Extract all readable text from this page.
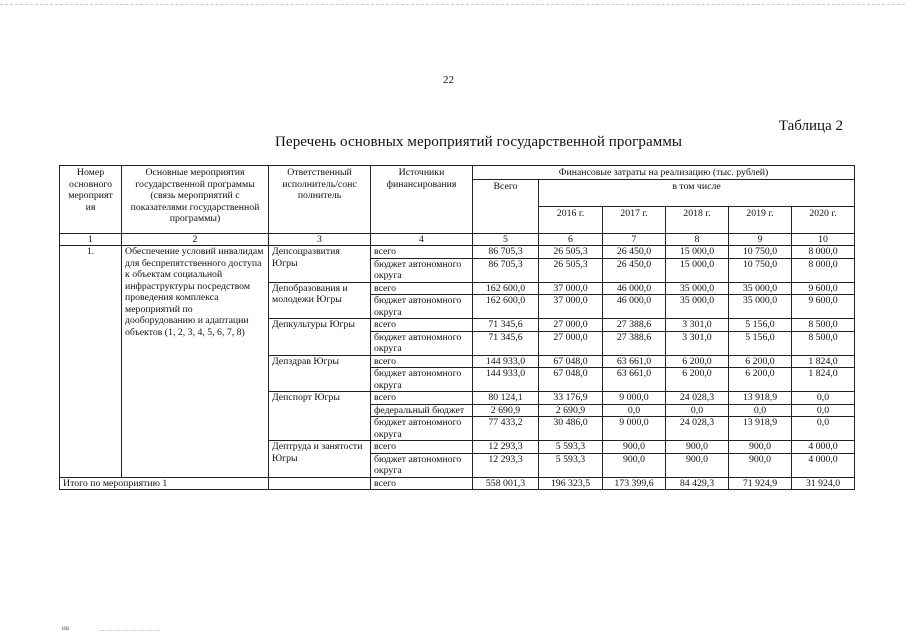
22
Таблица 2
Перечень основных мероприятий государственной программы
Номер основного мероприят ия	Основные мероприятия государственной программы (связь мероприятий с показателями государственной программы)	Ответственный исполнитель/сонс полнитель	Источники финансирования	Финансовые затраты на реализацию (тыс. рублей)					
				Всего	в том числе				
					2016 г.	2017 г.	2018 г.	2019 г.	2020 г.
1	2	3	4	5	6	7	8	9	10
1.	Обеспечение условий инвалидам для беспрепятственного доступа к объектам социальной инфраструктуры посредством проведения комплекса мероприятий по дооборудованию и адаптации объектов (1, 2, 3, 4, 5, 6, 7, 8)	Депсоцразвития Югры	всего	86 705,3	26 505,3	26 450,0	15 000,0	10 750,0	8 000,0
			бюджет автономного округа	86 705,3	26 505,3	26 450,0	15 000,0	10 750,0	8 000,0
		Депобразования и молодежи Югры	всего	162 600,0	37 000,0	46 000,0	35 000,0	35 000,0	9 600,0
			бюджет автономного округа	162 600,0	37 000,0	46 000,0	35 000,0	35 000,0	9 600,0
		Депкультуры Югры	всего	71 345,6	27 000,0	27 388,6	3 301,0	5 156,0	8 500,0
			бюджет автономного округа	71 345,6	27 000,0	27 388,6	3 301,0	5 156,0	8 500,0
		Депздрав Югры	всего	144 933,0	67 048,0	63 661,0	6 200,0	6 200,0	1 824,0
			бюджет автономного округа	144 933,0	67 048,0	63 661,0	6 200,0	6 200,0	1 824,0
		Депспорт Югры	всего	80 124,1	33 176,9	9 000,0	24 028,3	13 918,9	0,0
			федеральный бюджет	2 690,9	2 690,9	0,0	0,0	0,0	0,0
			бюджет автономного округа	77 433,2	30 486,0	9 000,0	24 028,3	13 918,9	0,0
		Дептруда и занятости Югры	всего	12 293,3	5 593,3	900,0	900,0	900,0	4 000,0
			бюджет автономного округа	12 293,3	5 593,3	900,0	900,0	900,0	4 000,0
Итого по мероприятию 1			всего	558 001,3	196 323,5	173 399,6	84 429,3	71 924,9	31 924,0
ив
